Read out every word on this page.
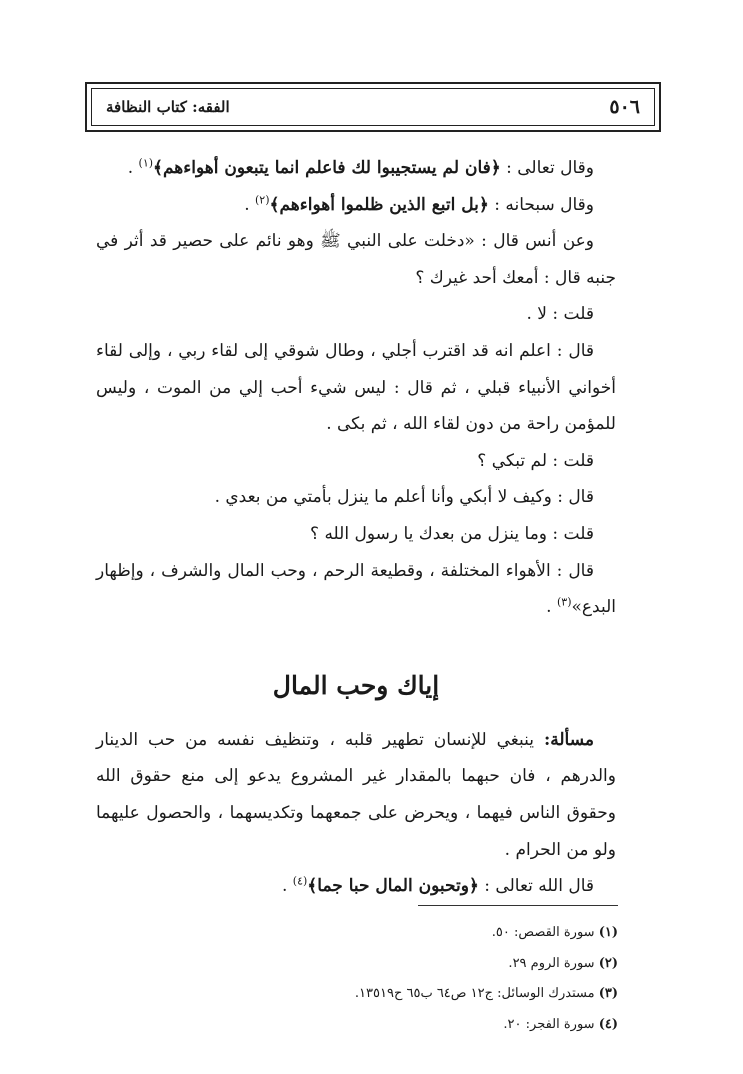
الفقه: كتاب النظافة	٥٠٦

وقال تعالى : ﴿فان لم يستجيبوا لك فاعلم انما يتبعون أهواءهم﴾$^{(١)}$ .

وقال سبحانه : ﴿بل اتبع الذين ظلموا أهواءهم﴾$^{(٢)}$ .

وعن أنس قال : «دخلت على النبي ﷺ وهو نائم على حصير قد أثر في جنبه قال : أمعك أحد غيرك ؟

قلت : لا .

قال : اعلم انه قد اقترب أجلي ، وطال شوقي إلى لقاء ربي ، وإلى لقاء أخواني الأنبياء قبلي ، ثم قال : ليس شيء أحب إلي من الموت ، وليس للمؤمن راحة من دون لقاء الله ، ثم بكى .

قلت : لم تبكي ؟

قال : وكيف لا أبكي وأنا أعلم ما ينزل بأمتي من بعدي .

قلت : وما ينزل من بعدك يا رسول الله ؟

قال : الأهواء المختلفة ، وقطيعة الرحم ، وحب المال والشرف ، وإظهار البدع»$^{(٣)}$ .

إياك وحب المال

مسألة: ينبغي للإنسان تطهير قلبه ، وتنظيف نفسه من حب الدينار والدرهم ، فان حبهما بالمقدار غير المشروع يدعو إلى منع حقوق الله وحقوق الناس فيهما ، ويحرض على جمعهما وتكديسهما ، والحصول عليهما ولو من الحرام .

قال الله تعالى : ﴿وتحبون المال حبا جما﴾$^{(٤)}$ .

(١) سورة القصص: ٥٠.

(٢) سورة الروم ٢٩.

(٣) مستدرك الوسائل: ج١٢ ص٦٤ ب٦٥ ح١٣٥١٩.

(٤) سورة الفجر: ٢٠.
